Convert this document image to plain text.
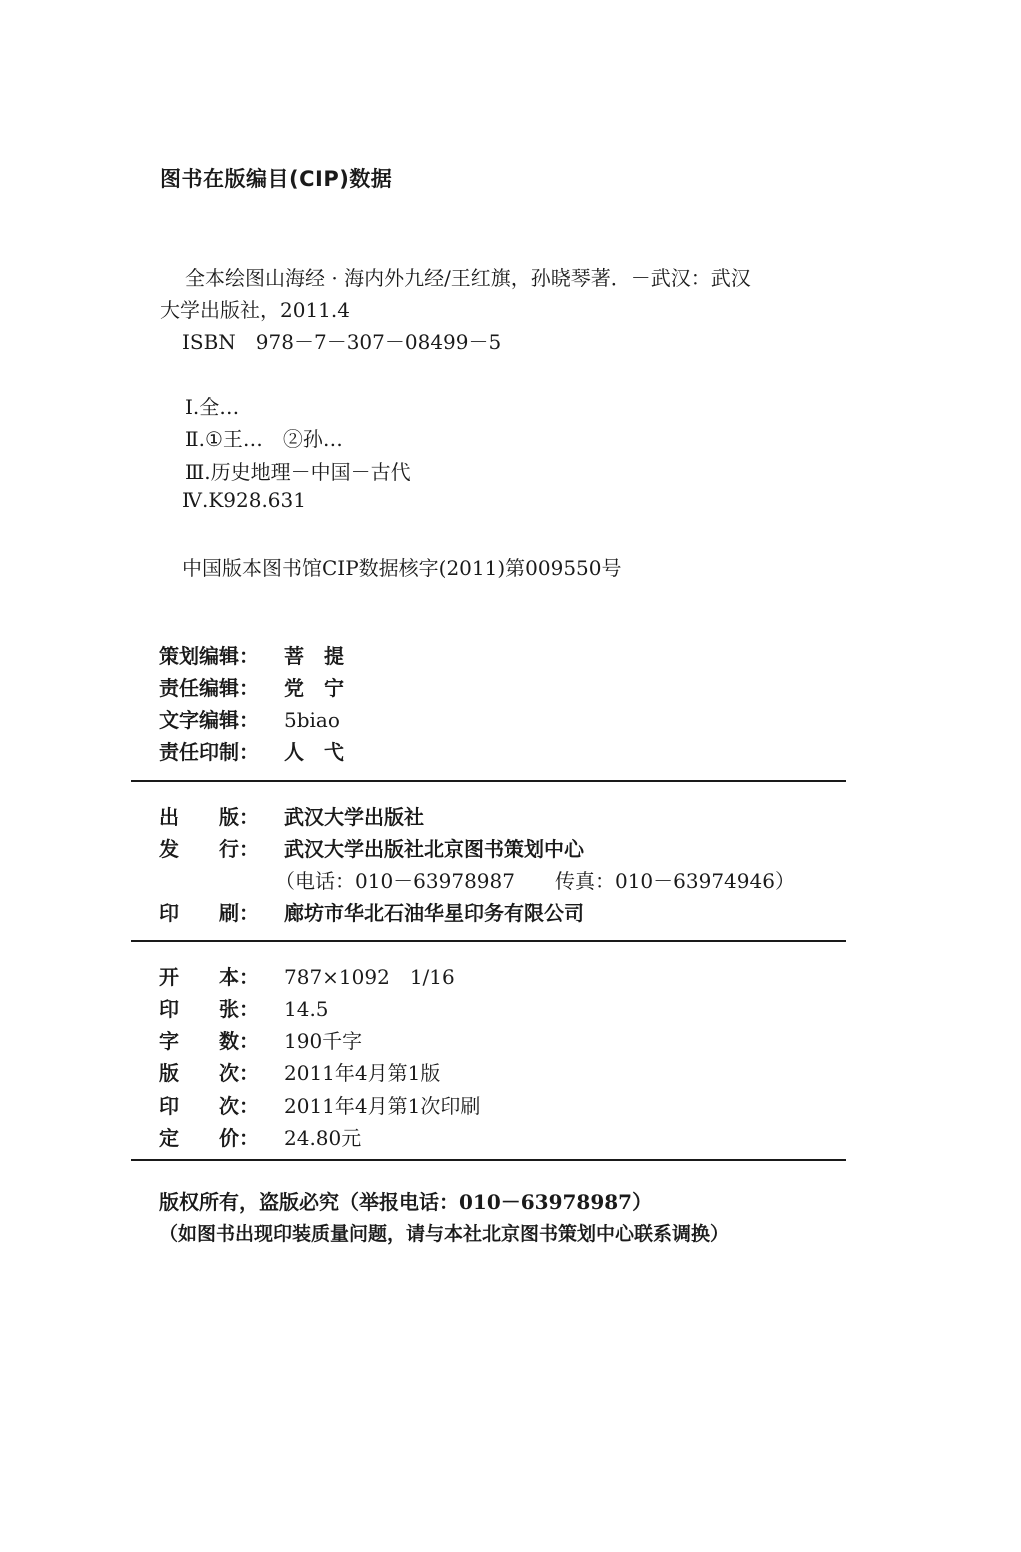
图书在版编目(CIP)数据
全本绘图山海经 · 海内外九经/王红旗，孙晓琴著．－武汉：武汉
大学出版社，2011.4
ISBN　978－7－307－08499－5
Ⅰ.全…
Ⅱ.①王…　②孙…
Ⅲ.历史地理－中国－古代
Ⅳ.K928.631
中国版本图书馆CIP数据核字(2011)第009550号
策划编辑： 菩　提
责任编辑： 党　宁
文字编辑： 5biao
责任印制： 人　弋
出　　版： 武汉大学出版社
发　　行： 武汉大学出版社北京图书策划中心
（电话：010－63978987　　传真：010－63974946）
印　　刷： 廊坊市华北石油华星印务有限公司
开　　本： 787×1092　1/16
印　　张： 14.5
字　　数： 190千字
版　　次： 2011年4月第1版
印　　次： 2011年4月第1次印刷
定　　价： 24.80元
版权所有，盗版必究（举报电话：010－63978987）
（如图书出现印装质量问题，请与本社北京图书策划中心联系调换）
